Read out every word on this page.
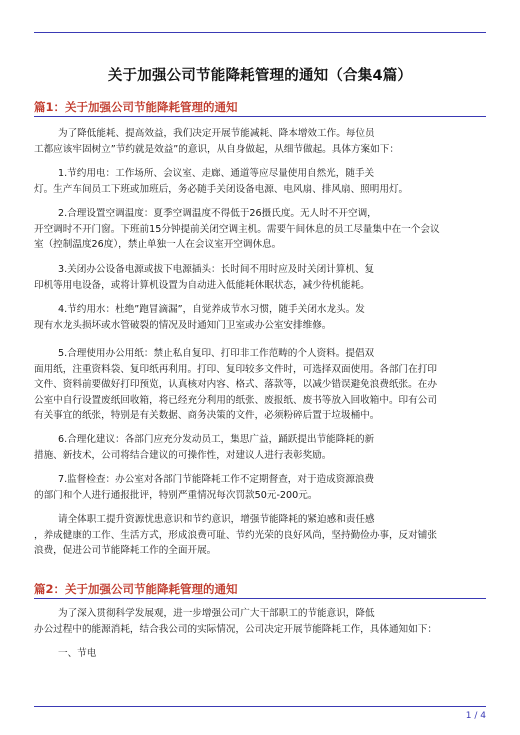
关于加强公司节能降耗管理的通知（合集4篇）
篇1：关于加强公司节能降耗管理的通知
篇2：关于加强公司节能降耗管理的通知
1 / 4
为了降低能耗、提高效益，我们决定开展节能减耗、降本增效工作。每位员
工都应该牢固树立”节约就是效益”的意识，从自身做起，从细节做起。具体方案如下：
1.节约用电：工作场所、会议室、走廊、通道等应尽量使用自然光，随手关
灯。生产车间员工下班或加班后，务必随手关闭设备电源、电风扇、排风扇、照明用灯。
2.合理设置空调温度：夏季空调温度不得低于26摄氏度。无人时不开空调，
开空调时不开门窗。下班前15分钟提前关闭空调主机。需要午间休息的员工尽量集中在一个会议
室（控制温度26度），禁止单独一人在会议室开空调休息。
3.关闭办公设备电源或拔下电源插头：长时间不用时应及时关闭计算机、复
印机等用电设备，或将计算机设置为自动进入低能耗休眠状态，减少待机能耗。
4.节约用水：杜绝”跑冒滴漏”，自觉养成节水习惯，随手关闭水龙头。发
现有水龙头损坏或水管破裂的情况及时通知门卫室或办公室安排维修。
5.合理使用办公用纸：禁止私自复印、打印非工作范畴的个人资料。提倡双
面用纸，注重资料袋、复印纸再利用。打印、复印较多文件时，可选择双面使用。各部门在打印
文件、资料前要做好打印预览，认真核对内容、格式、落款等，以减少错误避免浪费纸张。在办
公室中自行设置废纸回收箱，将已经充分利用的纸张、废报纸、废书等放入回收箱中。印有公司
有关事宜的纸张，特别是有关数据、商务决策的文件，必须粉碎后置于垃圾桶中。
6.合理化建议：各部门应充分发动员工，集思广益，踊跃提出节能降耗的新
措施、新技术，公司将结合建议的可操作性，对建议人进行表彰奖励。
7.监督检查：办公室对各部门节能降耗工作不定期督查，对于造成资源浪费
的部门和个人进行通报批评，特别严重情况每次罚款50元-200元。
请全体职工提升资源忧患意识和节约意识，增强节能降耗的紧迫感和责任感
，养成健康的工作、生活方式，形成浪费可耻、节约光荣的良好风尚，坚持勤俭办事，反对铺张
浪费，促进公司节能降耗工作的全面开展。
为了深入贯彻科学发展观，进一步增强公司广大干部职工的节能意识，降低
办公过程中的能源消耗，结合我公司的实际情况，公司决定开展节能降耗工作，具体通知如下：
一、节电
